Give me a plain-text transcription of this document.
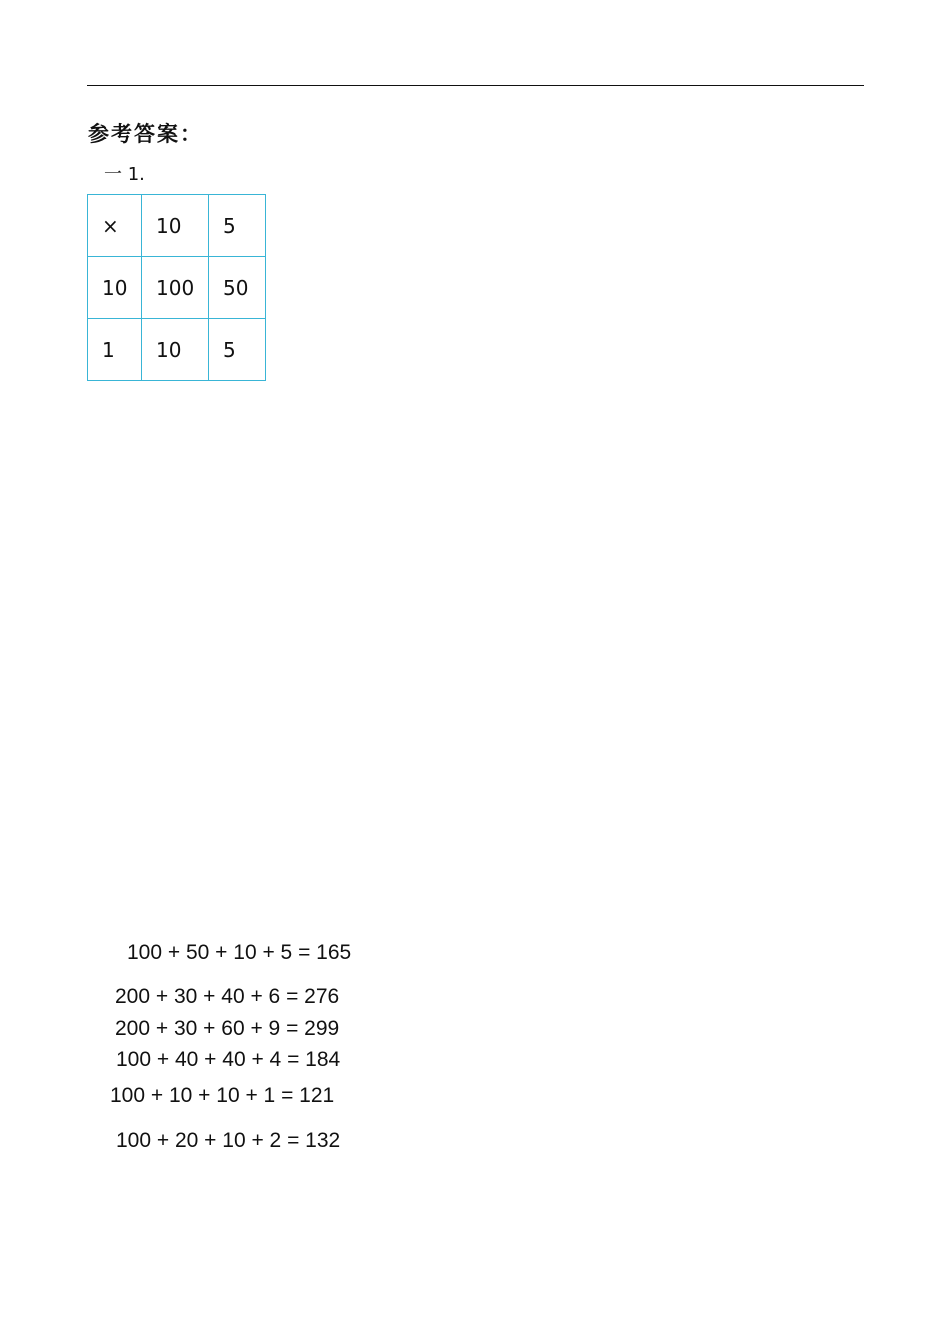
参考答案：
一 1.
×	10	5
10	100	50
1	10	5
100 + 50 + 10 + 5 = 165
200 + 30 + 40 + 6 = 276
200 + 30 + 60 + 9 = 299
100 + 40 + 40 + 4 = 184
100 + 10 + 10 + 1 = 121
100 + 20 + 10 + 2 = 132
